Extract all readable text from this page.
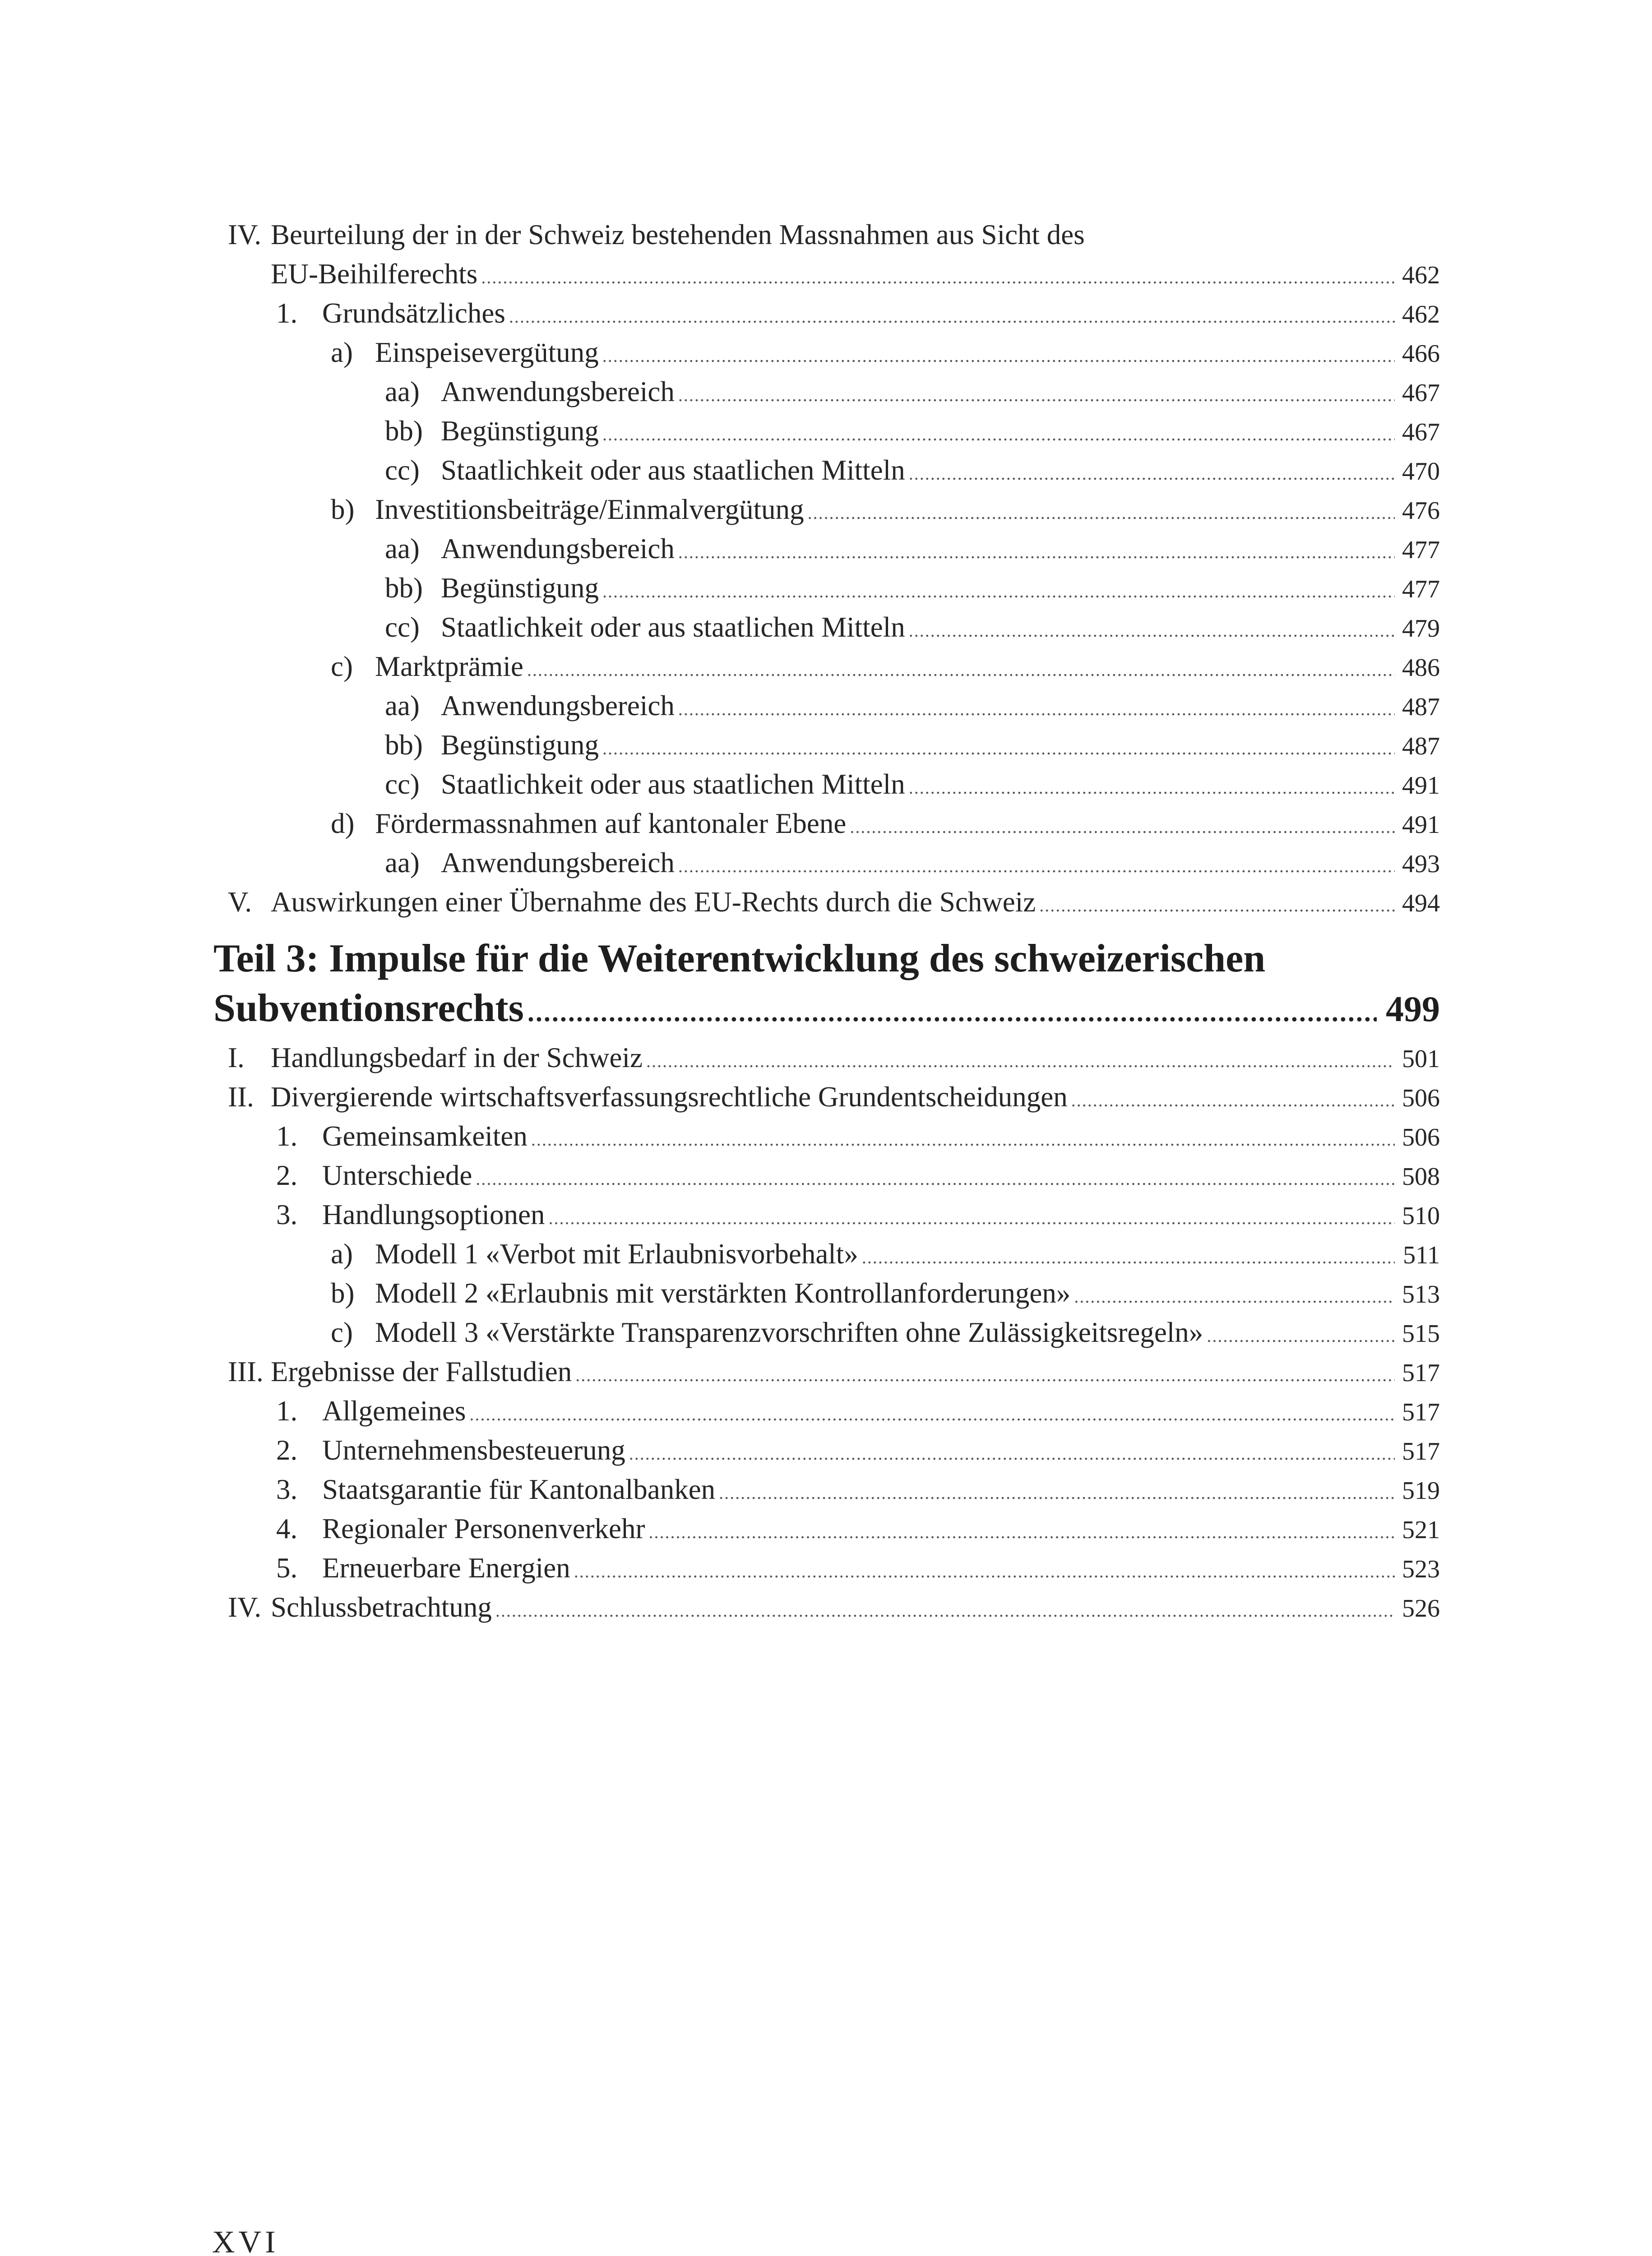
IV. Beurteilung der in der Schweiz bestehenden Massnahmen aus Sicht des
EU-Beihilferechts .....	462
1. Grundsätzliches .....	462
a) Einspeisevergütung .....	466
aa) Anwendungsbereich .....	467
bb) Begünstigung .....	467
cc) Staatlichkeit oder aus staatlichen Mitteln .....	470
b) Investitionsbeiträge/Einmalvergütung .....	476
aa) Anwendungsbereich .....	477
bb) Begünstigung .....	477
cc) Staatlichkeit oder aus staatlichen Mitteln .....	479
c) Marktprämie .....	486
aa) Anwendungsbereich .....	487
bb) Begünstigung .....	487
cc) Staatlichkeit oder aus staatlichen Mitteln .....	491
d) Fördermassnahmen auf kantonaler Ebene .....	491
aa) Anwendungsbereich .....	493
V. Auswirkungen einer Übernahme des EU-Rechts durch die Schweiz .....	494
Teil 3: Impulse für die Weiterentwicklung des schweizerischen
Subventionsrechts .....	499
I. Handlungsbedarf in der Schweiz .....	501
II. Divergierende wirtschaftsverfassungsrechtliche Grundentscheidungen .....	506
1. Gemeinsamkeiten .....	506
2. Unterschiede .....	508
3. Handlungsoptionen .....	510
a) Modell 1 «Verbot mit Erlaubnisvorbehalt» .....	511
b) Modell 2 «Erlaubnis mit verstärkten Kontrollanforderungen» .....	513
c) Modell 3 «Verstärkte Transparenzvorschriften ohne Zulässigkeitsregeln» .....	515
III. Ergebnisse der Fallstudien .....	517
1. Allgemeines .....	517
2. Unternehmensbesteuerung .....	517
3. Staatsgarantie für Kantonalbanken .....	519
4. Regionaler Personenverkehr .....	521
5. Erneuerbare Energien .....	523
IV. Schlussbetrachtung .....	526
XVI
